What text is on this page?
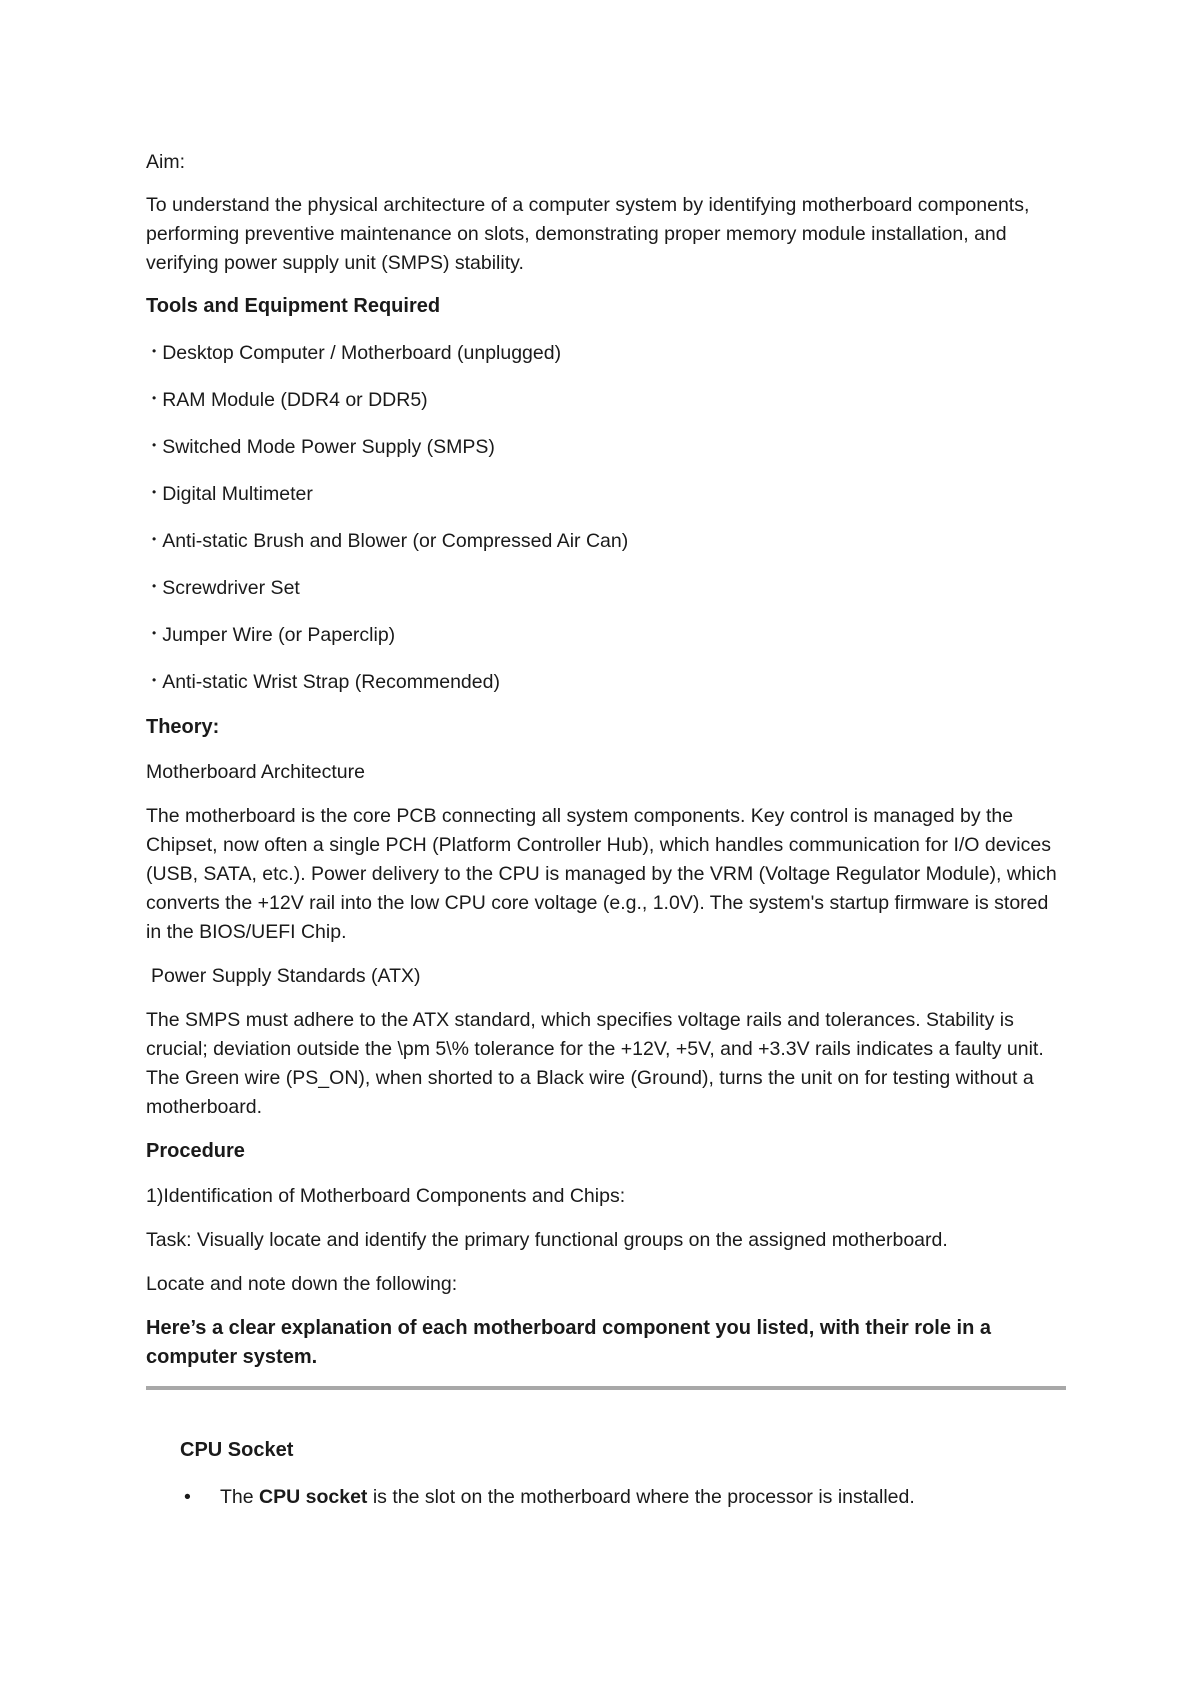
Aim:

To understand the physical architecture of a computer system by identifying motherboard components, performing preventive maintenance on slots, demonstrating proper memory module installation, and verifying power supply unit (SMPS) stability.

Tools and Equipment Required

• Desktop Computer / Motherboard (unplugged)
• RAM Module (DDR4 or DDR5)
• Switched Mode Power Supply (SMPS)
• Digital Multimeter
• Anti-static Brush and Blower (or Compressed Air Can)
• Screwdriver Set
• Jumper Wire (or Paperclip)
• Anti-static Wrist Strap (Recommended)

Theory:

Motherboard Architecture

The motherboard is the core PCB connecting all system components. Key control is managed by the Chipset, now often a single PCH (Platform Controller Hub), which handles communication for I/O devices (USB, SATA, etc.). Power delivery to the CPU is managed by the VRM (Voltage Regulator Module), which converts the +12V rail into the low CPU core voltage (e.g., 1.0V). The system's startup firmware is stored in the BIOS/UEFI Chip.

Power Supply Standards (ATX)

The SMPS must adhere to the ATX standard, which specifies voltage rails and tolerances. Stability is crucial; deviation outside the \pm 5\% tolerance for the +12V, +5V, and +3.3V rails indicates a faulty unit. The Green wire (PS_ON), when shorted to a Black wire (Ground), turns the unit on for testing without a motherboard.

Procedure

1)Identification of Motherboard Components and Chips:

Task: Visually locate and identify the primary functional groups on the assigned motherboard.

Locate and note down the following:

Here’s a clear explanation of each motherboard component you listed, with their role in a computer system.

CPU Socket

• The CPU socket is the slot on the motherboard where the processor is installed.
